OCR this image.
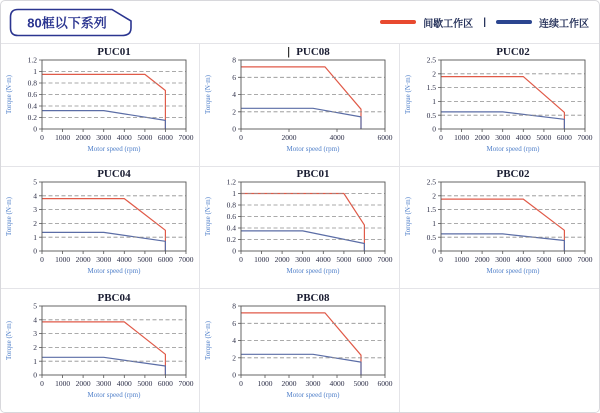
80框以下系列	间歇工作区 |	连续工作区
0 1000 2000 3000 4000 5000 6000 7000
0
0.2
0.4
0.6
0.8
1
1.2
PUC01
Motor speed (rpm)
Torque (N·m)
0	2000	4000	6000
0
2
4
6
8
PUC08
Motor speed (rpm)
Torque (N·m)
0 1000 2000 3000 4000 5000 6000 7000
0
0.5
1
1.5
2
2.5
PUC02
Motor speed (rpm)
Torque (N·m)
0 1000 2000 3000 4000 5000 6000 7000
0
1
2
3
4
5
PUC04
Motor speed (rpm)
Torque (N·m)
0 1000 2000 3000 4000 5000 6000 7000
0
0.2
0.4
0.6
0.8
1
1.2
PBC01
Motor speed (rpm)
Torque (N·m)
0 1000 2000 3000 4000 5000 6000 7000
0
0.5
1
1.5
2
2.5
PBC02
Motor speed (rpm)
Torque (N·m)
0 1000 2000 3000 4000 5000 6000 7000
0
1
2
3
4
5
PBC04
Motor speed (rpm)
Torque (N·m)
0 1000 2000 3000 4000 5000 6000
0
2
4
6
8
PBC08
Motor speed (rpm)
Torque (N·m)
